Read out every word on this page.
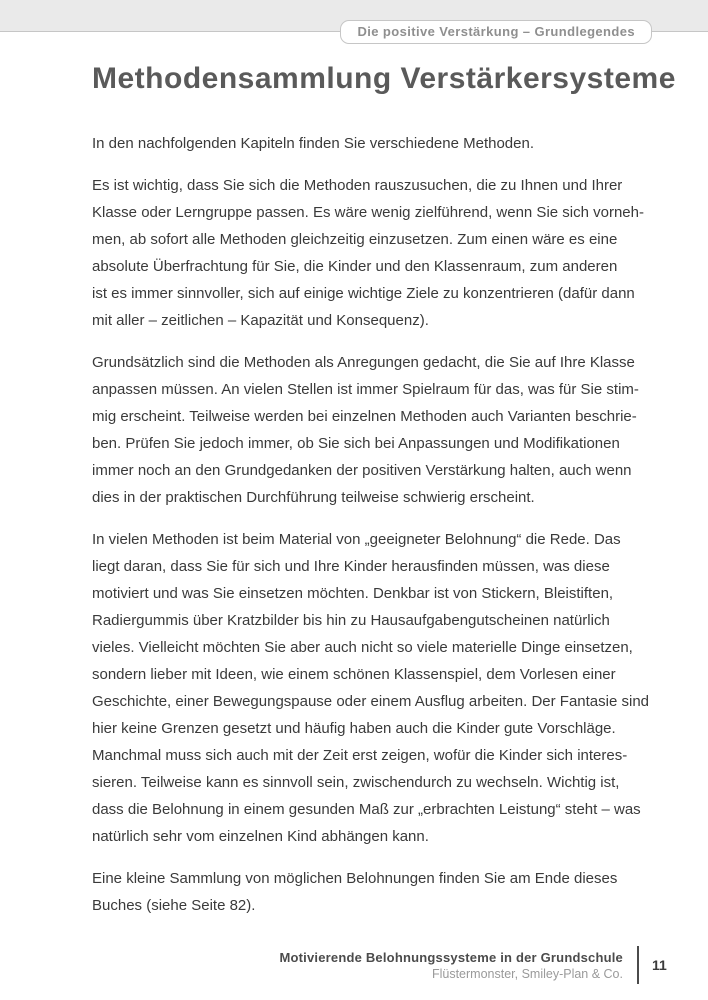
Die positive Verstärkung – Grundlegendes
Methodensammlung Verstärkersysteme
In den nachfolgenden Kapiteln finden Sie verschiedene Methoden.
Es ist wichtig, dass Sie sich die Methoden rauszusuchen, die zu Ihnen und Ihrer
Klasse oder Lerngruppe passen. Es wäre wenig zielführend, wenn Sie sich vorneh-
men, ab sofort alle Methoden gleichzeitig einzusetzen. Zum einen wäre es eine
absolute Überfrachtung für Sie, die Kinder und den Klassenraum, zum anderen
ist es immer sinnvoller, sich auf einige wichtige Ziele zu konzentrieren (dafür dann
mit aller – zeitlichen – Kapazität und Konsequenz).
Grundsätzlich sind die Methoden als Anregungen gedacht, die Sie auf Ihre Klasse
anpassen müssen. An vielen Stellen ist immer Spielraum für das, was für Sie stim-
mig erscheint. Teilweise werden bei einzelnen Methoden auch Varianten beschrie-
ben. Prüfen Sie jedoch immer, ob Sie sich bei Anpassungen und Modifikationen
immer noch an den Grundgedanken der positiven Verstärkung halten, auch wenn
dies in der praktischen Durchführung teilweise schwierig erscheint.
In vielen Methoden ist beim Material von „geeigneter Belohnung“ die Rede. Das
liegt daran, dass Sie für sich und Ihre Kinder herausfinden müssen, was diese
motiviert und was Sie einsetzen möchten. Denkbar ist von Stickern, Bleistiften,
Radiergummis über Kratzbilder bis hin zu Hausaufgabengutscheinen natürlich
vieles. Vielleicht möchten Sie aber auch nicht so viele materielle Dinge einsetzen,
sondern lieber mit Ideen, wie einem schönen Klassenspiel, dem Vorlesen einer
Geschichte, einer Bewegungspause oder einem Ausflug arbeiten. Der Fantasie sind
hier keine Grenzen gesetzt und häufig haben auch die Kinder gute Vorschläge.
Manchmal muss sich auch mit der Zeit erst zeigen, wofür die Kinder sich interes-
sieren. Teilweise kann es sinnvoll sein, zwischendurch zu wechseln. Wichtig ist,
dass die Belohnung in einem gesunden Maß zur „erbrachten Leistung“ steht – was
natürlich sehr vom einzelnen Kind abhängen kann.
Eine kleine Sammlung von möglichen Belohnungen finden Sie am Ende dieses
Buches (siehe Seite 82).
Motivierende Belohnungssysteme in der Grundschule
Flüstermonster, Smiley-Plan & Co.
11
